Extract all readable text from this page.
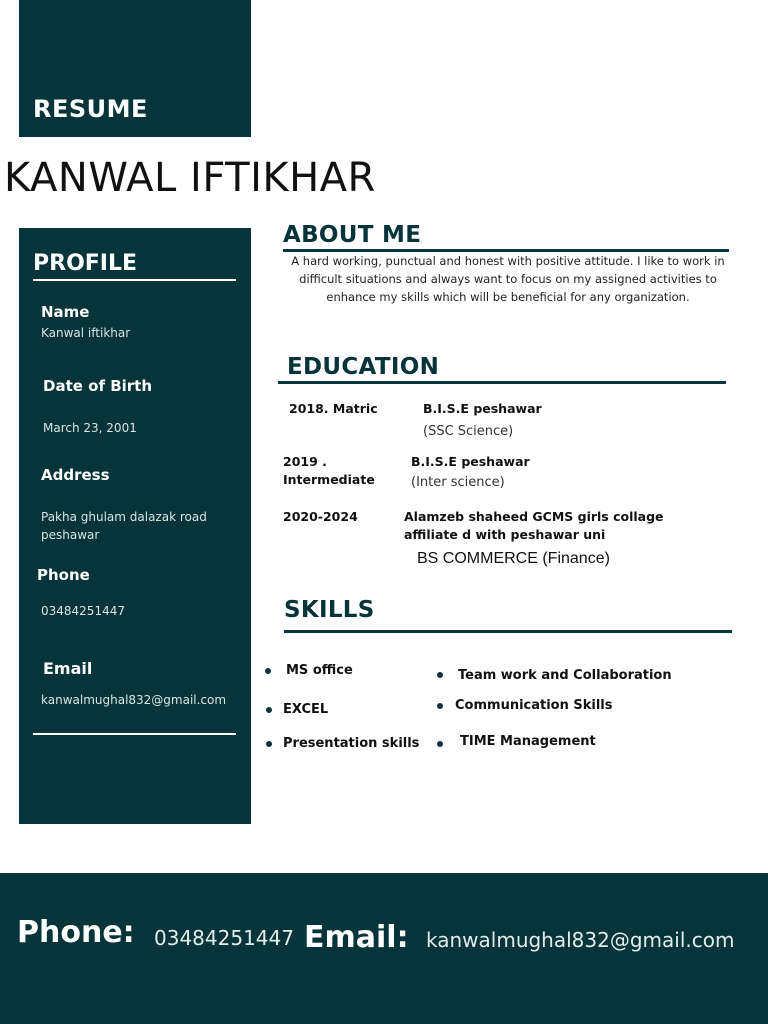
RESUME
KANWAL IFTIKHAR
PROFILE
Name
Kanwal iftikhar
Date of Birth
March 23, 2001
Address
Pakha ghulam dalazak road
peshawar
Phone
03484251447
Email
kanwalmughal832@gmail.com
ABOUT ME
A hard working, punctual and honest with positive attitude. I like to work in difficult situations and always want to focus on my assigned activities to enhance my skills which will be beneficial for any organization.
EDUCATION
2018. Matric	B.I.S.E peshawar
(SSC Science)
2019 .
Intermediate
B.I.S.E peshawar
(Inter science)
2020-2024	Alamzeb shaheed GCMS girls collage
affiliate d with peshawar uni
BS COMMERCE (Finance)
SKILLS
MS office
EXCEL
Presentation skills
Team work and Collaboration
Communication Skills
TIME Management
Phone: 03484251447 Email: kanwalmughal832@gmail.com
